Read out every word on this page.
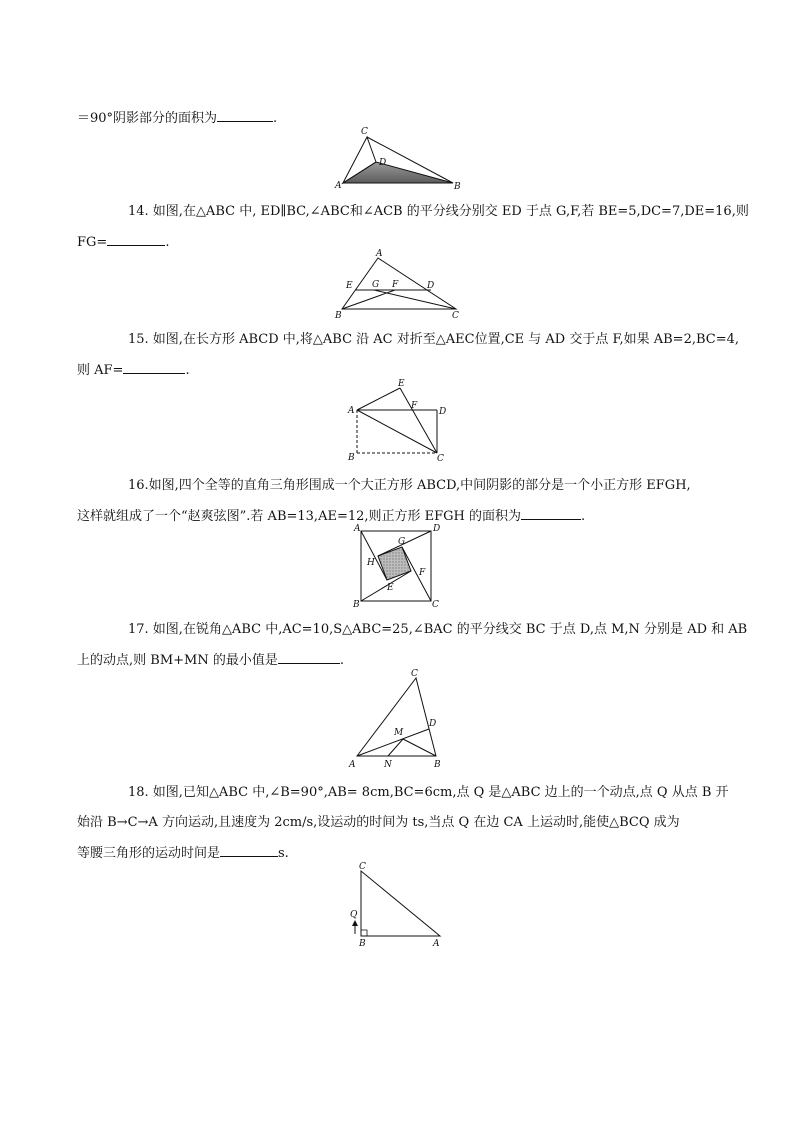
＝90°阴影部分的面积为	.
C
D
A	B
14. 如图,在△ABC 中, ED∥BC,∠ABC和∠ACB 的平分线分别交 ED 于点 G,F,若 BE=5,DC=7,DE=16,则
FG=	.
A
E G F	D
B	C
15. 如图,在长方形 ABCD 中,将△ABC 沿 AC 对折至△AEC位置,CE 与 AD 交于点 F,如果 AB=2,BC=4,
则 AF=	.
E
A	F
D
B	C
16.如图,四个全等的直角三角形围成一个大正方形 ABCD,中间阴影的部分是一个小正方形 EFGH,
这样就组成了一个“赵爽弦图”.若 AB=13,AE=12,则正方形 EFGH 的面积为	.
A	D
G
H
F
E
B	C
17. 如图,在锐角△ABC 中,AC=10,S△ABC=25,∠BAC 的平分线交 BC 于点 D,点 M,N 分别是 AD 和 AB
上的动点,则 BM+MN 的最小值是	.
C
D
M
A	N	B
18. 如图,已知△ABC 中,∠B=90°,AB= 8cm,BC=6cm,点 Q 是△ABC 边上的一个动点,点 Q 从点 B 开
始沿 B→C→A 方向运动,且速度为 2cm/s,设运动的时间为 ts,当点 Q 在边 CA 上运动时,能使△BCQ 成为
等腰三角形的运动时间是	s.
C
Q
B	A
